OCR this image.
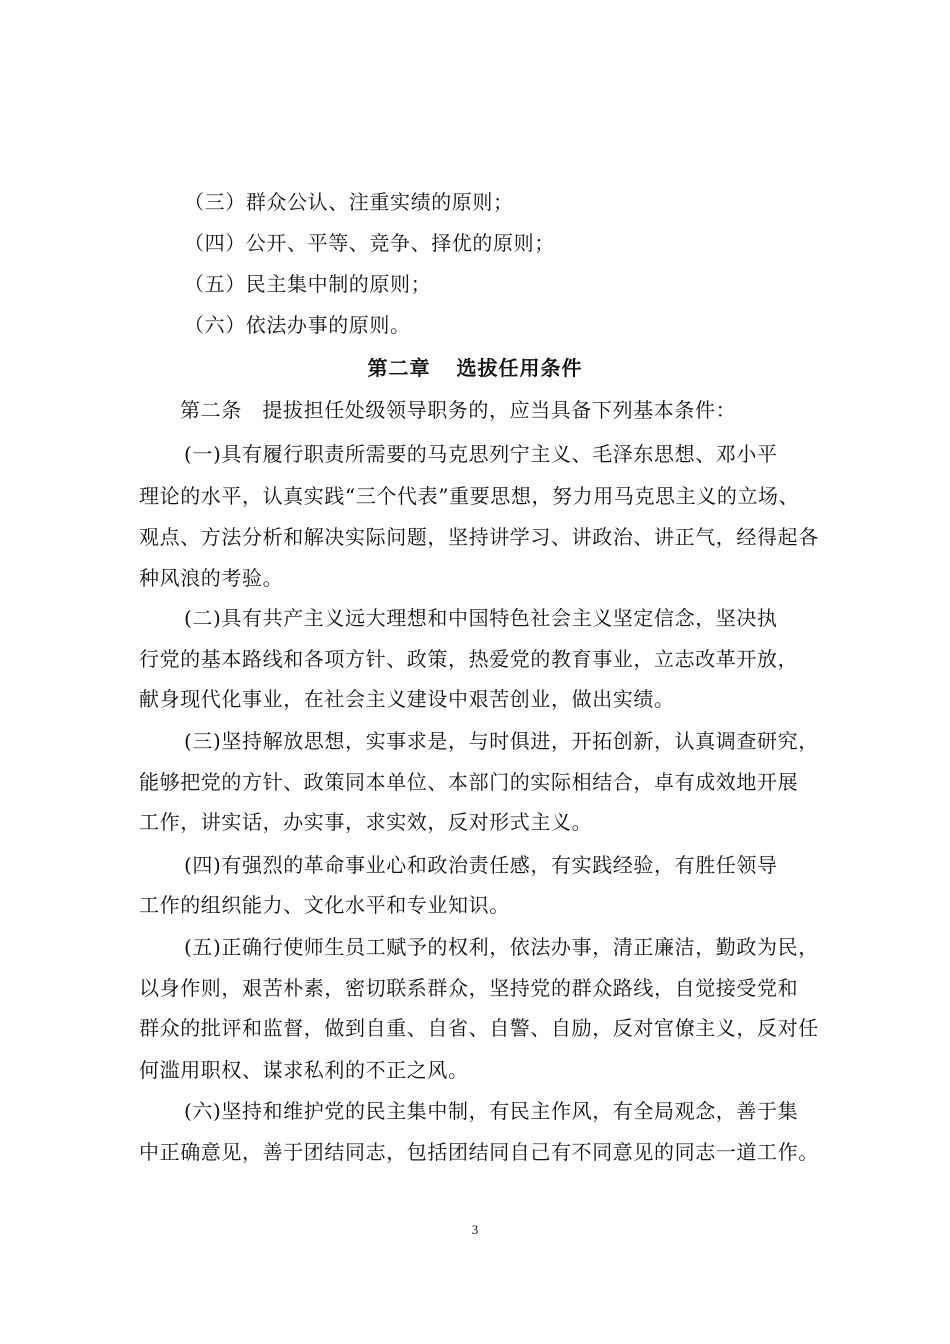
（三）群众公认、注重实绩的原则；
（四）公开、平等、竞争、择优的原则；
（五）民主集中制的原则；
（六）依法办事的原则。
第二章 选拔任用条件
第二条　提拔担任处级领导职务的，应当具备下列基本条件：
(一)具有履行职责所需要的马克思列宁主义、毛泽东思想、邓小平
理论的水平，认真实践“三个代表”重要思想，努力用马克思主义的立场、
观点、方法分析和解决实际问题，坚持讲学习、讲政治、讲正气，经得起各
种风浪的考验。
(二)具有共产主义远大理想和中国特色社会主义坚定信念，坚决执
行党的基本路线和各项方针、政策，热爱党的教育事业，立志改革开放，
献身现代化事业，在社会主义建设中艰苦创业，做出实绩。
(三)坚持解放思想，实事求是，与时俱进，开拓创新，认真调查研究，
能够把党的方针、政策同本单位、本部门的实际相结合，卓有成效地开展
工作，讲实话，办实事，求实效，反对形式主义。
(四)有强烈的革命事业心和政治责任感，有实践经验，有胜任领导
工作的组织能力、文化水平和专业知识。
(五)正确行使师生员工赋予的权利，依法办事，清正廉洁，勤政为民，
以身作则，艰苦朴素，密切联系群众，坚持党的群众路线，自觉接受党和
群众的批评和监督，做到自重、自省、自警、自励，反对官僚主义，反对任
何滥用职权、谋求私利的不正之风。
(六)坚持和维护党的民主集中制，有民主作风，有全局观念，善于集
中正确意见，善于团结同志，包括团结同自己有不同意见的同志一道工作。
3
